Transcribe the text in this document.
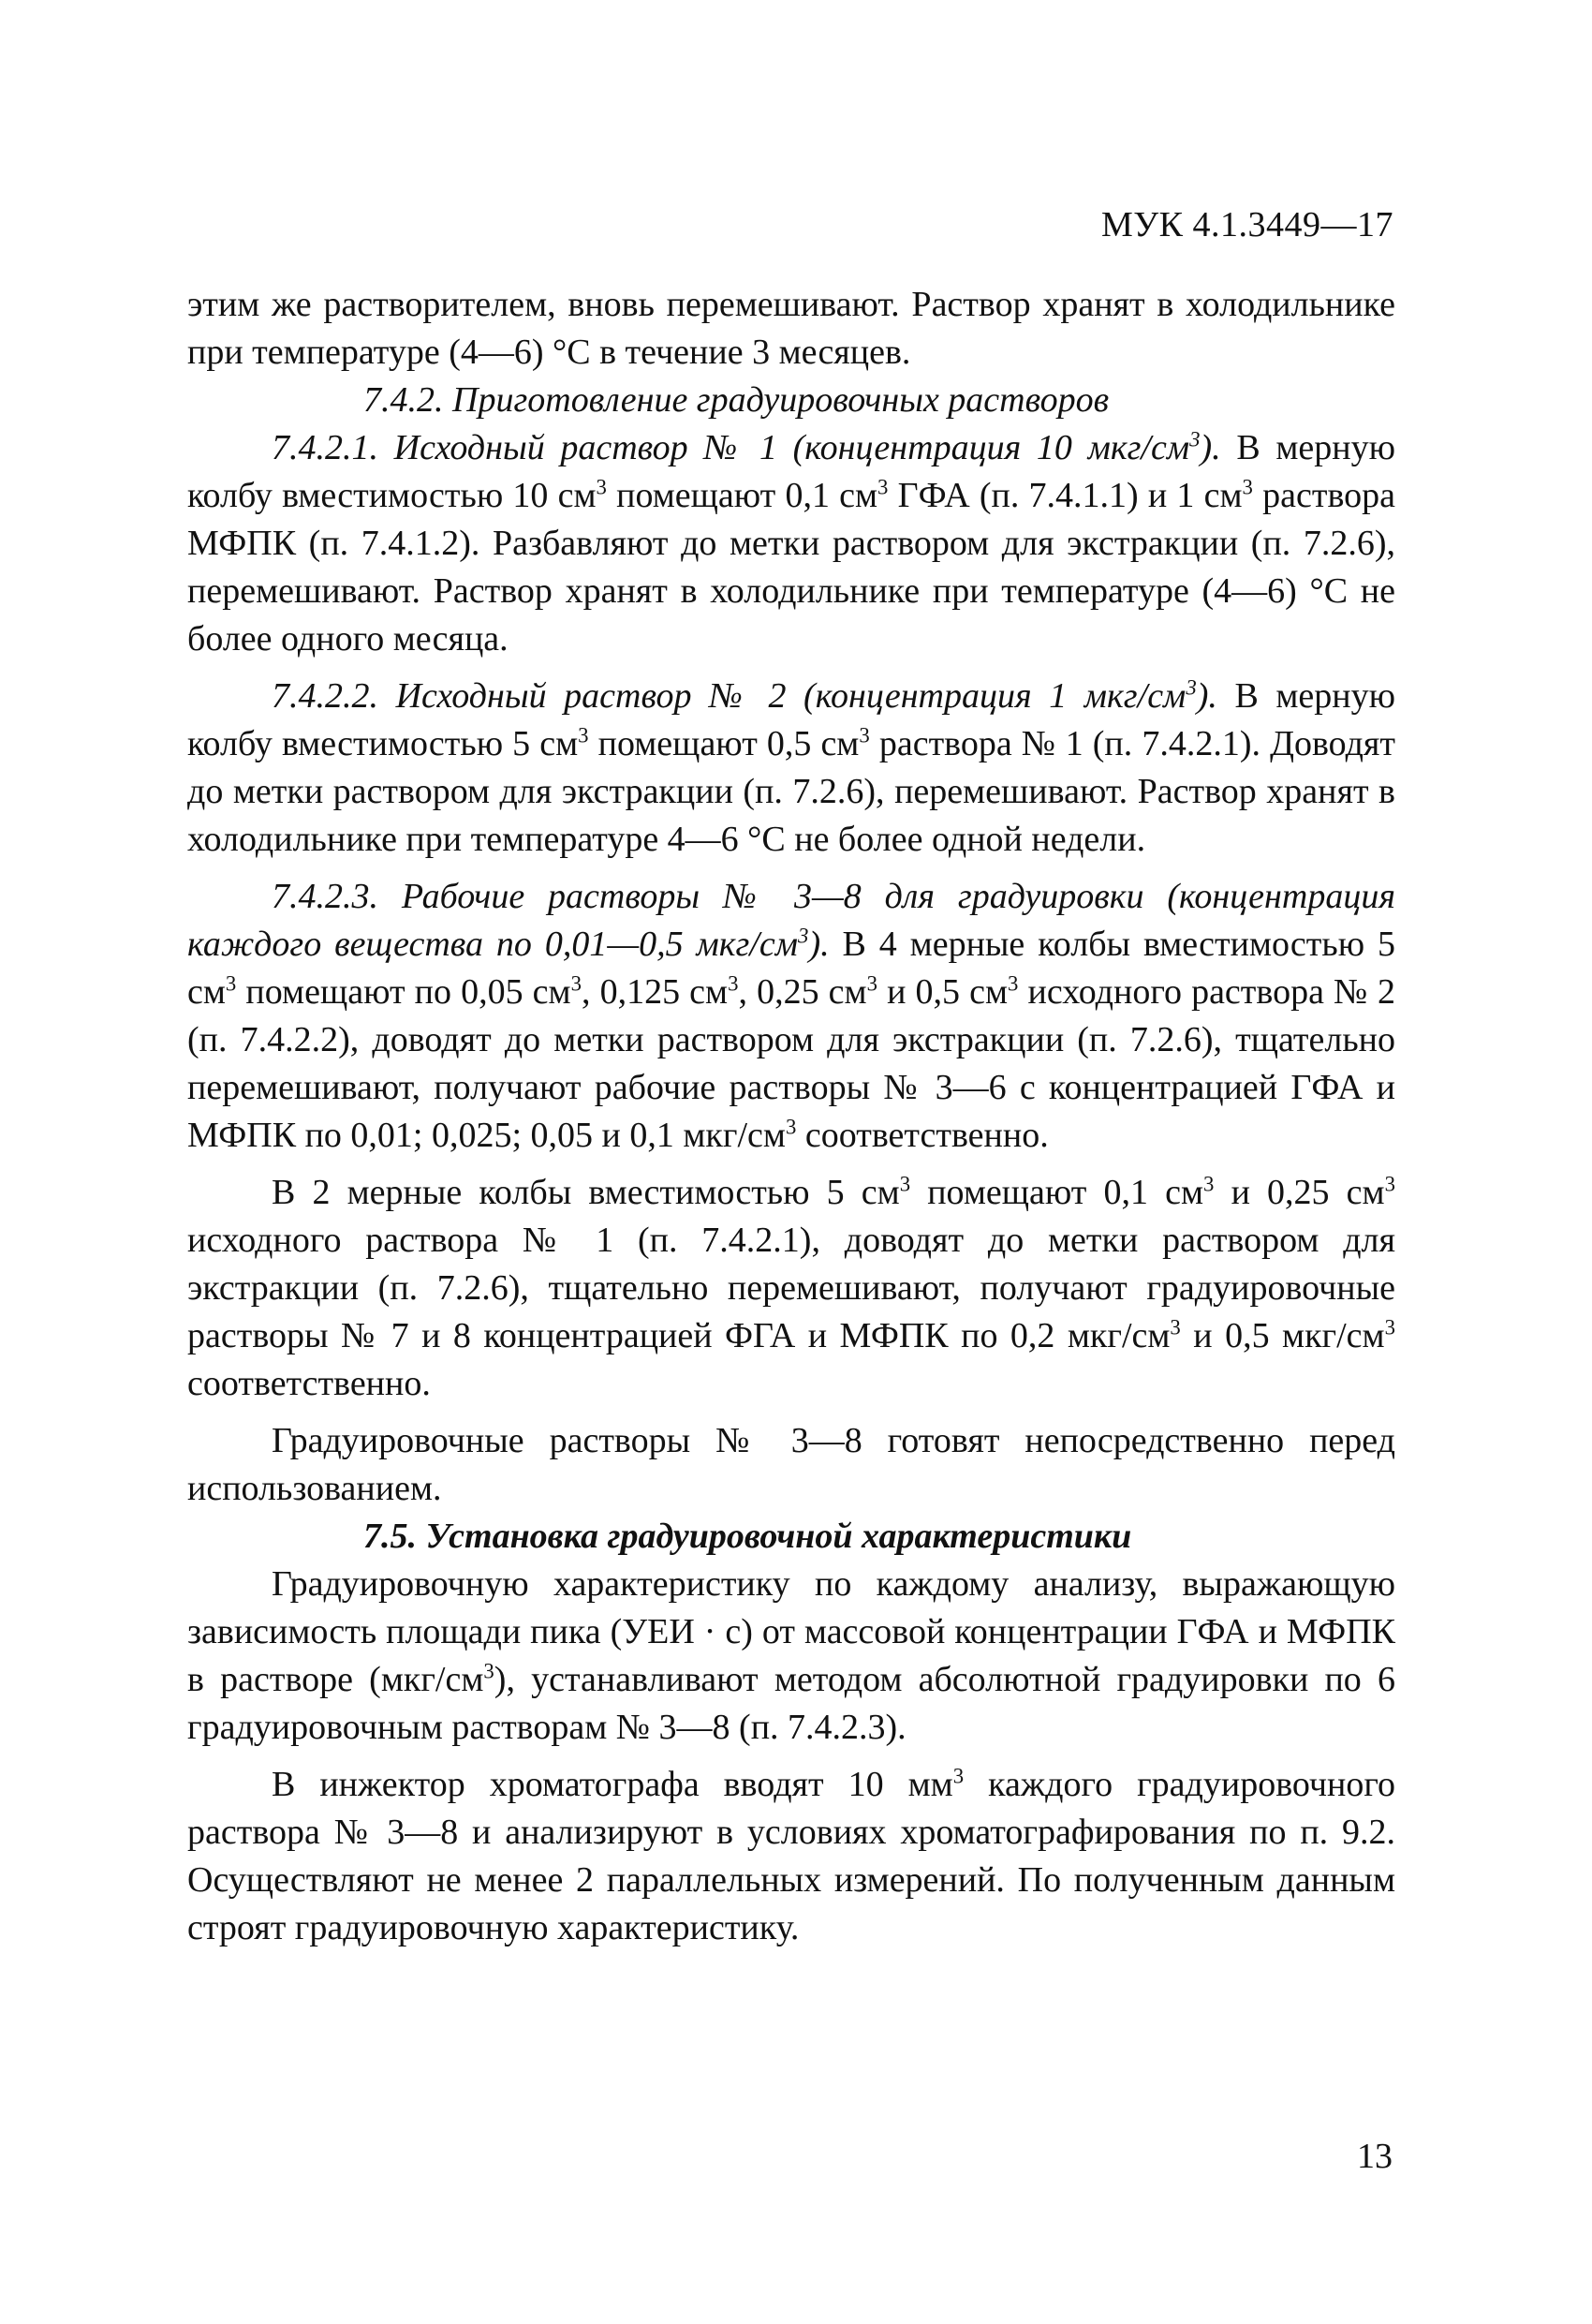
МУК 4.1.3449—17

этим же растворителем, вновь перемешивают. Раствор хранят в холодильнике при температуре (4—6) °С в течение 3 месяцев.

7.4.2. Приготовление градуировочных растворов

7.4.2.1. Исходный раствор № 1 (концентрация 10 мкг/$см^3$). В мерную колбу вместимостью 10 $см^3$ помещают 0,1 $см^3$ ГФА (п. 7.4.1.1) и 1 $см^3$ раствора МФПК (п. 7.4.1.2). Разбавляют до метки раствором для экстракции (п. 7.2.6), перемешивают. Раствор хранят в холодильнике при температуре (4—6) °С не более одного месяца.

7.4.2.2. Исходный раствор № 2 (концентрация 1 мкг/$см^3$). В мерную колбу вместимостью 5 $см^3$ помещают 0,5 $см^3$ раствора № 1 (п. 7.4.2.1). Доводят до метки раствором для экстракции (п. 7.2.6), перемешивают. Раствор хранят в холодильнике при температуре 4—6 °С не более одной недели.

7.4.2.3. Рабочие растворы № 3—8 для градуировки (концентрация каждого вещества по 0,01—0,5 мкг/$см^3$). В 4 мерные колбы вместимостью 5 $см^3$ помещают по 0,05 $см^3$, 0,125 $см^3$, 0,25 $см^3$ и 0,5 $см^3$ исходного раствора № 2 (п. 7.4.2.2), доводят до метки раствором для экстракции (п. 7.2.6), тщательно перемешивают, получают рабочие растворы № 3—6 с концентрацией ГФА и МФПК по 0,01; 0,025; 0,05 и 0,1 мкг/$см^3$ соответственно.

В 2 мерные колбы вместимостью 5 $см^3$ помещают 0,1 $см^3$ и 0,25 $см^3$ исходного раствора № 1 (п. 7.4.2.1), доводят до метки раствором для экстракции (п. 7.2.6), тщательно перемешивают, получают градуировочные растворы № 7 и 8 концентрацией ФГА и МФПК по 0,2 мкг/$см^3$ и 0,5 мкг/$см^3$ соответственно.

Градуировочные растворы № 3—8 готовят непосредственно перед использованием.

7.5. Установка градуировочной характеристики

Градуировочную характеристику по каждому анализу, выражающую зависимость площади пика (УЕИ · с) от массовой концентрации ГФА и МФПК в растворе $(мкг/см^3)$, устанавливают методом абсолютной градуировки по 6 градуировочным растворам № 3—8 (п. 7.4.2.3).

В инжектор хроматографа вводят 10 $мм^3$ каждого градуировочного раствора № 3—8 и анализируют в условиях хроматографирования по п. 9.2. Осуществляют не менее 2 параллельных измерений. По полученным данным строят градуировочную характеристику.

13
